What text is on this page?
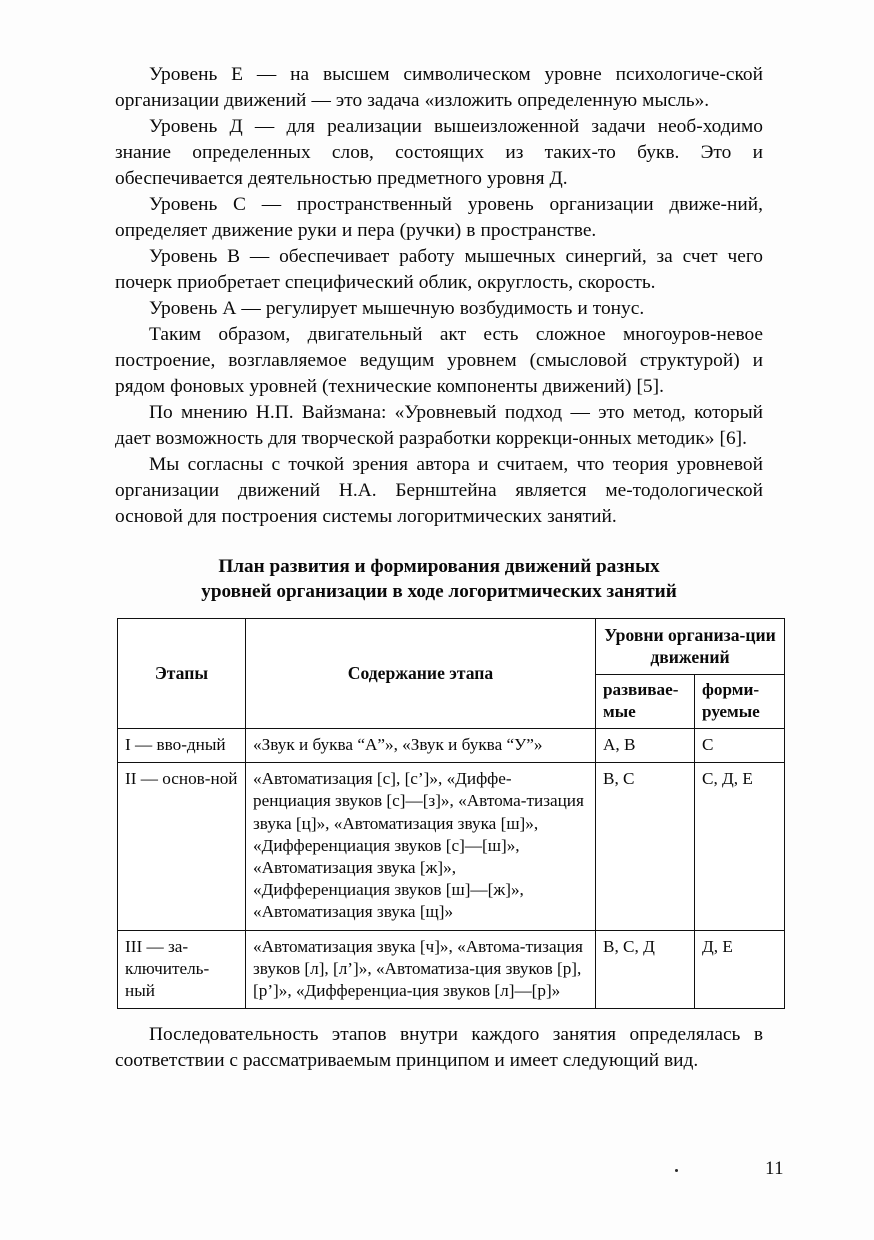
Уровень Е — на высшем символическом уровне психологиче-ской организации движений — это задача «изложить определенную мысль».

Уровень Д — для реализации вышеизложенной задачи необ-ходимо знание определенных слов, состоящих из таких-то букв. Это и обеспечивается деятельностью предметного уровня Д.

Уровень С — пространственный уровень организации движе-ний, определяет движение руки и пера (ручки) в пространстве.

Уровень В — обеспечивает работу мышечных синергий, за счет чего почерк приобретает специфический облик, округлость, скорость.

Уровень А — регулирует мышечную возбудимость и тонус.

Таким образом, двигательный акт есть сложное многоуров-невое построение, возглавляемое ведущим уровнем (смысловой структурой) и рядом фоновых уровней (технические компоненты движений) [5].

По мнению Н.П. Вайзмана: «Уровневый подход — это метод, который дает возможность для творческой разработки коррекци-онных методик» [6].

Мы согласны с точкой зрения автора и считаем, что теория уровневой организации движений Н.А. Бернштейна является ме-тодологической основой для построения системы логоритмических занятий.

План развития и формирования движений разных
уровней организации в ходе логоритмических занятий
Этапы	Содержание этапа	Уровни организа-ции движений	
		развивае-мые	форми-руемые
I — вво-дный	«Звук и буква “А”», «Звук и буква “У”»	А, В	С
II — основ-ной	«Автоматизация [с], [с’]», «Диффе-ренциация звуков [с]—[з]», «Автома-тизация звука [ц]», «Автоматизация звука [ш]», «Дифференциация звуков [с]—[ш]», «Автоматизация звука [ж]», «Дифференциация звуков [ш]—[ж]», «Автоматизация звука [щ]»	В, С	С, Д, Е
III — за-ключитель-ный	«Автоматизация звука [ч]», «Автома-тизация звуков [л], [л’]», «Автоматиза-ция звуков [р], [р’]», «Дифференциа-ция звуков [л]—[р]»	В, С, Д	Д, Е

Последовательность этапов внутри каждого занятия определялась в соответствии с рассматриваемым принципом и имеет следующий вид.

11
